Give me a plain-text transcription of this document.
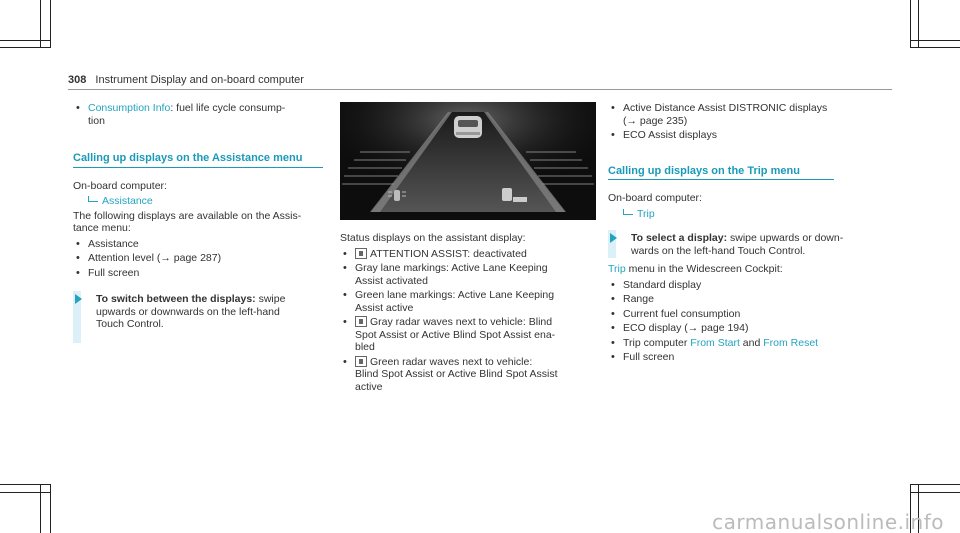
308 Instrument Display and on-board computer
• Consumption Info: fuel life cycle consump-
tion
Calling up displays on the Assistance menu
On-board computer:
Assistance
The following displays are available on the Assis-
tance menu:
• Assistance
• Attention level (→ page 287)
• Full screen
To switch between the displays: swipe
upwards or downwards on the left-hand
Touch Control.
Status displays on the assistant display:
• ATTENTION ASSIST: deactivated
• Gray lane markings: Active Lane Keeping
Assist activated
• Green lane markings: Active Lane Keeping
Assist active
• Gray radar waves next to vehicle: Blind
Spot Assist or Active Blind Spot Assist ena-
bled
• Green radar waves next to vehicle:
Blind Spot Assist or Active Blind Spot Assist
active
• Active Distance Assist DISTRONIC displays
(→ page 235)
• ECO Assist displays
Calling up displays on the Trip menu
On-board computer:
Trip
To select a display: swipe upwards or down-
wards on the left-hand Touch Control.
Trip menu in the Widescreen Cockpit:
• Standard display
• Range
• Current fuel consumption
• ECO display (→ page 194)
• Trip computer From Start and From Reset
• Full screen
carmanualsonline.info
